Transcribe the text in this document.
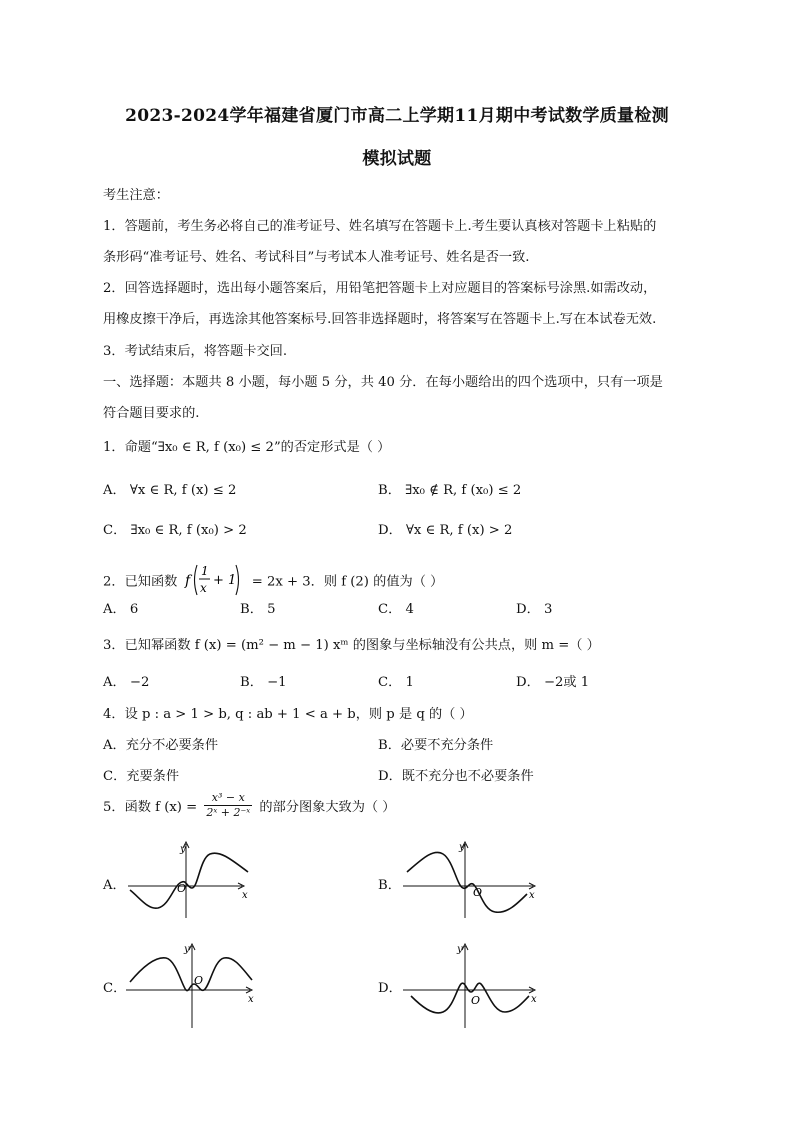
2023-2024学年福建省厦门市高二上学期11月期中考试数学质量检测
模拟试题
考生注意：
1．答题前，考生务必将自己的准考证号、姓名填写在答题卡上.考生要认真核对答题卡上粘贴的
条形码“准考证号、姓名、考试科目”与考试本人准考证号、姓名是否一致.
2．回答选择题时，选出每小题答案后，用铅笔把答题卡上对应题目的答案标号涂黑.如需改动，
用橡皮擦干净后，再选涂其他答案标号.回答非选择题时，将答案写在答题卡上.写在本试卷无效.
3．考试结束后，将答题卡交回.
一、选择题：本题共 8 小题，每小题 5 分，共 40 分．在每小题给出的四个选项中，只有一项是
符合题目要求的.
1．命题“∃x₀ ∈ R, f (x₀) ≤ 2”的否定形式是（ ）
A． ∀x ∈ R, f (x) ≤ 2	B． ∃x₀ ∉ R, f (x₀) ≤ 2
C． ∃x₀ ∈ R, f (x₀) > 2	D． ∀x ∈ R, f (x) > 2
2．已知函数 f
1
x + 1 = 2x + 3．则 f (2) 的值为（ ）
A． 6	B． 5	C． 4	D． 3
3．已知幂函数 f (x) = (m² − m − 1) xᵐ 的图象与坐标轴没有公共点，则 m =（ ）
A． −2	B． −1	C． 1	D． −2或 1
4．设 p : a > 1 > b, q : ab + 1 < a + b，则 p 是 q 的（ ）
A．充分不必要条件	B．必要不充分条件
C．充要条件	D．既不充分也不必要条件
5．函数 f $(x) = \frac{\text{x³ − x}}{\text{2ˣ + 2⁻ˣ}}$ 的部分图象大致为（ ）
A．	B．
C．	D．
x
y
O
x
y
O
x
y
O
x
y
O
